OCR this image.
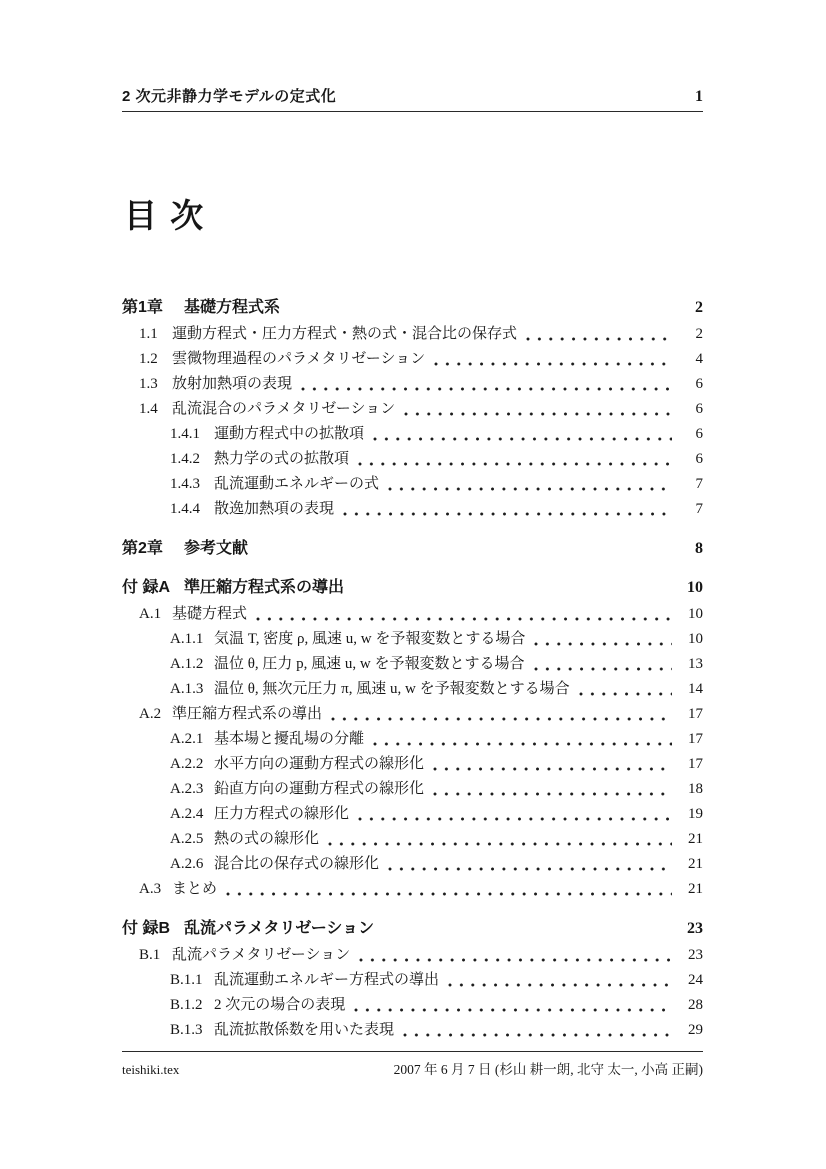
2 次元非静力学モデルの定式化	1
目 次
第1章	基礎方程式系	2
1.1 運動方程式・圧力方程式・熱の式・混合比の保存式	2
1.2 雲微物理過程のパラメタリゼーション	4
1.3 放射加熱項の表現	6
1.4 乱流混合のパラメタリゼーション	6
1.4.1 運動方程式中の拡散項	6
1.4.2 熱力学の式の拡散項	6
1.4.3 乱流運動エネルギーの式	7
1.4.4 散逸加熱項の表現	7
第2章	参考文献	8
付 録A 準圧縮方程式系の導出	10
A.1 基礎方程式	10
A.1.1 気温 T, 密度 ρ, 風速 u, w を予報変数とする場合	10
A.1.2 温位 θ, 圧力 p, 風速 u, w を予報変数とする場合	13
A.1.3 温位 θ, 無次元圧力 π, 風速 u, w を予報変数とする場合	14
A.2 準圧縮方程式系の導出	17
A.2.1 基本場と擾乱場の分離	17
A.2.2 水平方向の運動方程式の線形化	17
A.2.3 鉛直方向の運動方程式の線形化	18
A.2.4 圧力方程式の線形化	19
A.2.5 熱の式の線形化	21
A.2.6 混合比の保存式の線形化	21
A.3 まとめ	21
付 録B 乱流パラメタリゼーション	23
B.1 乱流パラメタリゼーション	23
B.1.1 乱流運動エネルギー方程式の導出	24
B.1.2 2 次元の場合の表現	28
B.1.3 乱流拡散係数を用いた表現	29
teishiki.tex	2007 年 6 月 7 日 (杉山 耕一朗, 北守 太一, 小高 正嗣)
